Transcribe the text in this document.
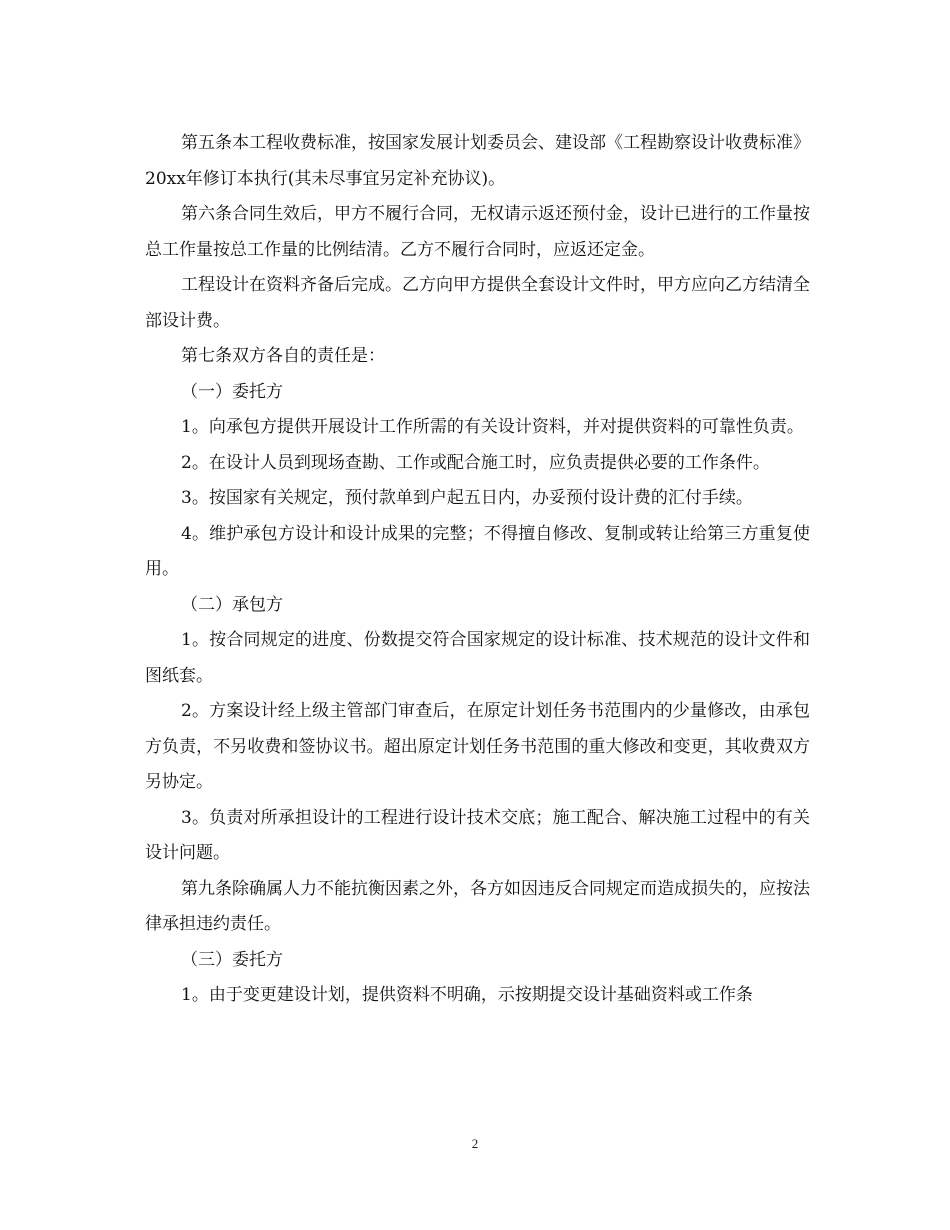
第五条本工程收费标准，按国家发展计划委员会、建设部《工程勘察设计收费标准》20xx年修订本执行(其未尽事宜另定补充协议)。

第六条合同生效后，甲方不履行合同，无权请示返还预付金，设计已进行的工作量按总工作量按总工作量的比例结清。乙方不履行合同时，应返还定金。

工程设计在资料齐备后完成。乙方向甲方提供全套设计文件时，甲方应向乙方结清全部设计费。

第七条双方各自的责任是：

（一）委托方

1。向承包方提供开展设计工作所需的有关设计资料，并对提供资料的可靠性负责。

2。在设计人员到现场查勘、工作或配合施工时，应负责提供必要的工作条件。

3。按国家有关规定，预付款单到户起五日内，办妥预付设计费的汇付手续。

4。维护承包方设计和设计成果的完整；不得擅自修改、复制或转让给第三方重复使用。

（二）承包方

1。按合同规定的进度、份数提交符合国家规定的设计标准、技术规范的设计文件和图纸套。

2。方案设计经上级主管部门审查后，在原定计划任务书范围内的少量修改，由承包方负责，不另收费和签协议书。超出原定计划任务书范围的重大修改和变更，其收费双方另协定。

3。负责对所承担设计的工程进行设计技术交底；施工配合、解决施工过程中的有关设计问题。

第九条除确属人力不能抗衡因素之外，各方如因违反合同规定而造成损失的，应按法律承担违约责任。

（三）委托方

1。由于变更建设计划，提供资料不明确，示按期提交设计基础资料或工作条

2
